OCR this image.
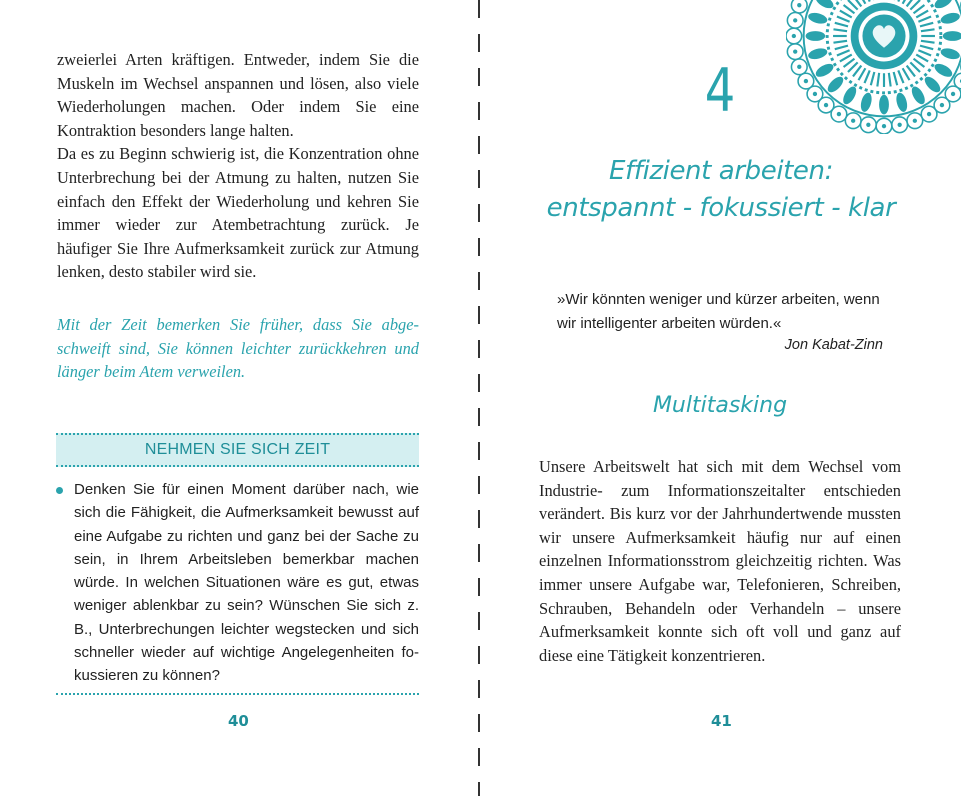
zweierlei Arten kräftigen. Entweder, indem Sie die Muskeln im Wechsel anspannen und lösen, also viele Wiederholungen machen. Oder indem Sie eine Kontraktion besonders lange halten.

Da es zu Beginn schwierig ist, die Konzentration ohne Unterbrechung bei der Atmung zu halten, nutzen Sie einfach den Effekt der Wiederholung und kehren Sie immer wieder zur Atembetrachtung zurück. Je häufiger Sie Ihre Aufmerksamkeit zurück zur Atmung lenken, desto stabiler wird sie.

Mit der Zeit bemerken Sie früher, dass Sie abgeschweift sind, Sie können leichter zurückkehren und länger beim Atem verweilen.

NEHMEN SIE SICH ZEIT
Denken Sie für einen Moment darüber nach, wie sich die Fähigkeit, die Aufmerksamkeit bewusst auf eine Aufgabe zu richten und ganz bei der Sache zu sein, in Ihrem Arbeitsleben bemerkbar machen würde. In welchen Situationen wäre es gut, etwas weniger ablenkbar zu sein? Wünschen Sie sich z. B., Unterbrechungen leichter wegstecken und sich schneller wieder auf wichtige Angelegenheiten fokussieren zu können?
40
4
Effizient arbeiten:
entspannt - fokussiert - klar
»Wir könnten weniger und kürzer arbeiten, wenn wir intelligenter arbeiten würden.«
Jon Kabat-Zinn
Multitasking

Unsere Arbeitswelt hat sich mit dem Wechsel vom Industrie- zum Informationszeitalter entschieden verändert. Bis kurz vor der Jahrhundertwende mussten wir unsere Aufmerksamkeit häufig nur auf einen einzelnen Informationsstrom gleichzeitig richten. Was immer unsere Aufgabe war, Telefonieren, Schreiben, Schrauben, Behandeln oder Verhandeln – unsere Aufmerksamkeit konnte sich oft voll und ganz auf diese eine Tätigkeit konzentrieren.

41
